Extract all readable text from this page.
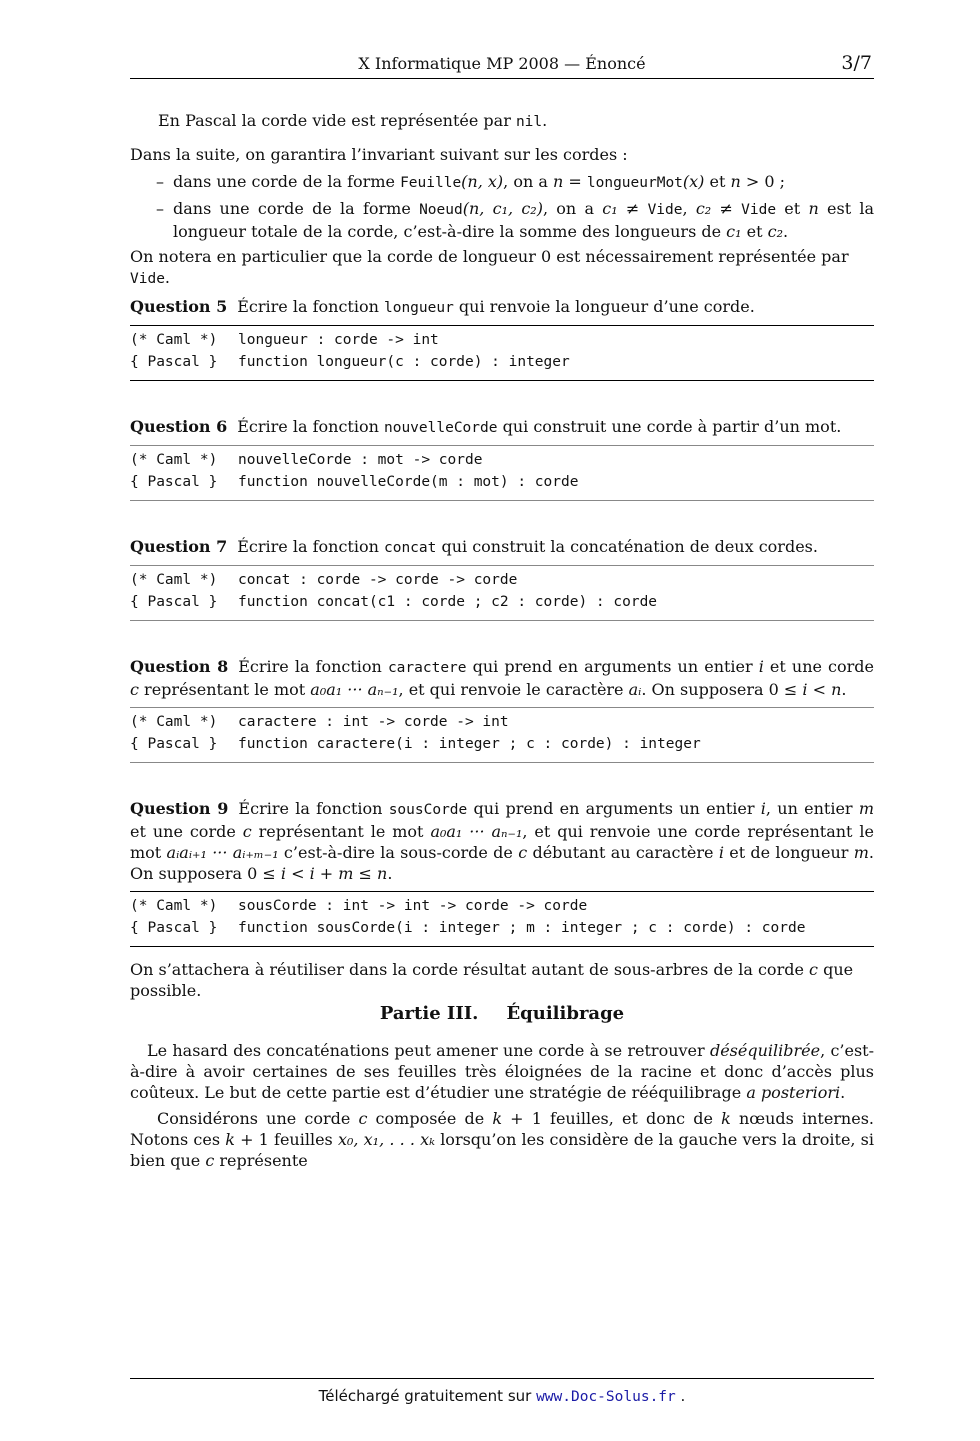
X Informatique MP 2008 — Énoncé	3/7
En Pascal la corde vide est représentée par nil.
Dans la suite, on garantira l’invariant suivant sur les cordes :
– dans une corde de la forme Feuille(n, x), on a n = longueurMot(x) et n > 0 ;
– dans une corde de la forme Noeud(n, c₁, c₂), on a c₁ ≠ Vide, c₂ ≠ Vide et n est la longueur totale de la corde, c’est-à-dire la somme des longueurs de c₁ et c₂.
On notera en particulier que la corde de longueur 0 est nécessairement représentée par Vide.
Question 5 Écrire la fonction longueur qui renvoie la longueur d’une corde.
(* Caml *) longueur : corde -> int
{ Pascal } function longueur(c : corde) : integer
Question 6 Écrire la fonction nouvelleCorde qui construit une corde à partir d’un mot.
(* Caml *) nouvelleCorde : mot -> corde
{ Pascal } function nouvelleCorde(m : mot) : corde
Question 7 Écrire la fonction concat qui construit la concaténation de deux cordes.
(* Caml *) concat : corde -> corde -> corde
{ Pascal } function concat(c1 : corde ; c2 : corde) : corde
Question 8 Écrire la fonction caractere qui prend en arguments un entier i et une corde c représentant le mot a₀a₁ ··· aₙ₋₁, et qui renvoie le caractère aᵢ. On supposera 0 ≤ i < n.
(* Caml *) caractere : int -> corde -> int
{ Pascal } function caractere(i : integer ; c : corde) : integer
Question 9 Écrire la fonction sousCorde qui prend en arguments un entier i, un entier m et une corde c représentant le mot a₀a₁ ··· aₙ₋₁, et qui renvoie une corde représentant le mot aᵢaᵢ₊₁ ··· aᵢ₊ₘ₋₁ c’est-à-dire la sous-corde de c débutant au caractère i et de longueur m. On supposera 0 ≤ i < i + m ≤ n.
(* Caml *) sousCorde : int -> int -> corde -> corde
{ Pascal } function sousCorde(i : integer ; m : integer ; c : corde) : corde
On s’attachera à réutiliser dans la corde résultat autant de sous-arbres de la corde c que possible.
Partie III. Équilibrage
Le hasard des concaténations peut amener une corde à se retrouver déséquilibrée, c’est-à-dire à avoir certaines de ses feuilles très éloignées de la racine et donc d’accès plus coûteux. Le but de cette partie est d’étudier une stratégie de rééquilibrage a posteriori.
Considérons une corde c composée de k + 1 feuilles, et donc de k nœuds internes. Notons ces k + 1 feuilles x₀, x₁, . . . xₖ lorsqu’on les considère de la gauche vers la droite, si bien que c représente
Téléchargé gratuitement sur www.Doc-Solus.fr .
